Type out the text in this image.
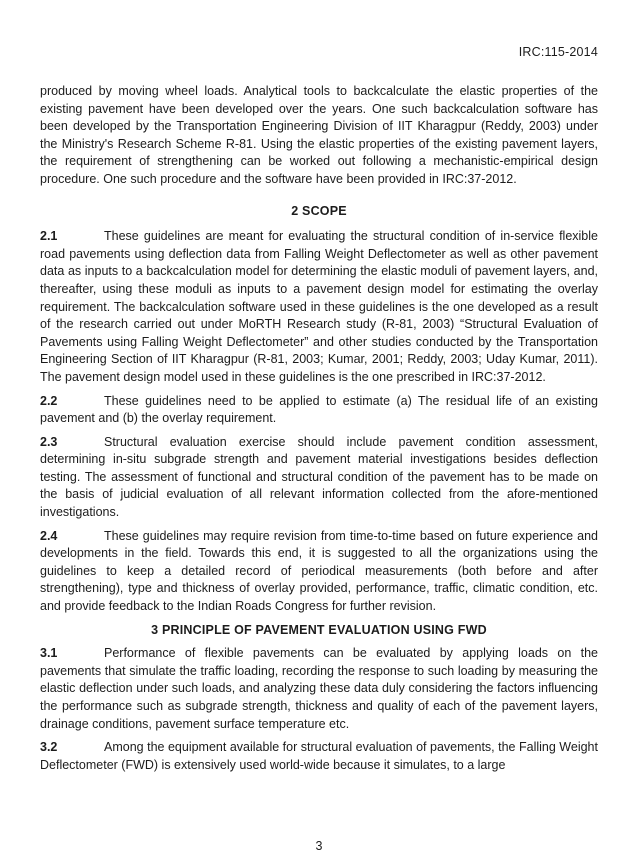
IRC:115-2014

produced by moving wheel loads. Analytical tools to backcalculate the elastic properties of the existing pavement have been developed over the years. One such backcalculation software has been developed by the Transportation Engineering Division of IIT Kharagpur (Reddy, 2003) under the Ministry's Research Scheme R-81. Using the elastic properties of the existing pavement layers, the requirement of strengthening can be worked out following a mechanistic-empirical design procedure. One such procedure and the software have been provided in IRC:37-2012.

2 SCOPE

2.1	These guidelines are meant for evaluating the structural condition of in-service flexible road pavements using deflection data from Falling Weight Deflectometer as well as other pavement data as inputs to a backcalculation model for determining the elastic moduli of pavement layers, and, thereafter, using these moduli as inputs to a pavement design model for estimating the overlay requirement. The backcalculation software used in these guidelines is the one developed as a result of the research carried out under MoRTH Research study (R-81, 2003) “Structural Evaluation of Pavements using Falling Weight Deflectometer” and other studies conducted by the Transportation Engineering Section of IIT Kharagpur (R-81, 2003; Kumar, 2001; Reddy, 2003; Uday Kumar, 2011). The pavement design model used in these guidelines is the one prescribed in IRC:37-2012.

2.2	These guidelines need to be applied to estimate (a) The residual life of an existing pavement and (b) the overlay requirement.

2.3	Structural evaluation exercise should include pavement condition assessment, determining in-situ subgrade strength and pavement material investigations besides deflection testing. The assessment of functional and structural condition of the pavement has to be made on the basis of judicial evaluation of all relevant information collected from the afore-mentioned investigations.

2.4	These guidelines may require revision from time-to-time based on future experience and developments in the field. Towards this end, it is suggested to all the organizations using the guidelines to keep a detailed record of periodical measurements (both before and after strengthening), type and thickness of overlay provided, performance, traffic, climatic condition, etc. and provide feedback to the Indian Roads Congress for further revision.

3 PRINCIPLE OF PAVEMENT EVALUATION USING FWD

3.1	Performance of flexible pavements can be evaluated by applying loads on the pavements that simulate the traffic loading, recording the response to such loading by measuring the elastic deflection under such loads, and analyzing these data duly considering the factors influencing the performance such as subgrade strength, thickness and quality of each of the pavement layers, drainage conditions, pavement surface temperature etc.

3.2	Among the equipment available for structural evaluation of pavements, the Falling Weight Deflectometer (FWD) is extensively used world-wide because it simulates, to a large

3
